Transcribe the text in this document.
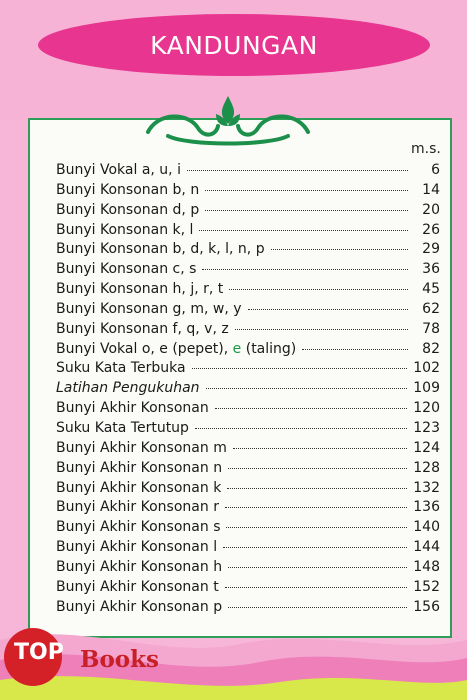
KANDUNGAN
m.s.
Bunyi Vokal a, u, i	6
Bunyi Konsonan b, n	14
Bunyi Konsonan d, p	20
Bunyi Konsonan k, l	26
Bunyi Konsonan b, d, k, l, n, p	29
Bunyi Konsonan c, s	36
Bunyi Konsonan h, j, r, t	45
Bunyi Konsonan g, m, w, y	62
Bunyi Konsonan f, q, v, z	78
Bunyi Vokal o, e (pepet), e (taling)	82
Suku Kata Terbuka	102
Latihan Pengukuhan	109
Bunyi Akhir Konsonan	120
Suku Kata Tertutup	123
Bunyi Akhir Konsonan m	124
Bunyi Akhir Konsonan n	128
Bunyi Akhir Konsonan k	132
Bunyi Akhir Konsonan r	136
Bunyi Akhir Konsonan s	140
Bunyi Akhir Konsonan l	144
Bunyi Akhir Konsonan h	148
Bunyi Akhir Konsonan t	152
Bunyi Akhir Konsonan p	156
TOP Books
